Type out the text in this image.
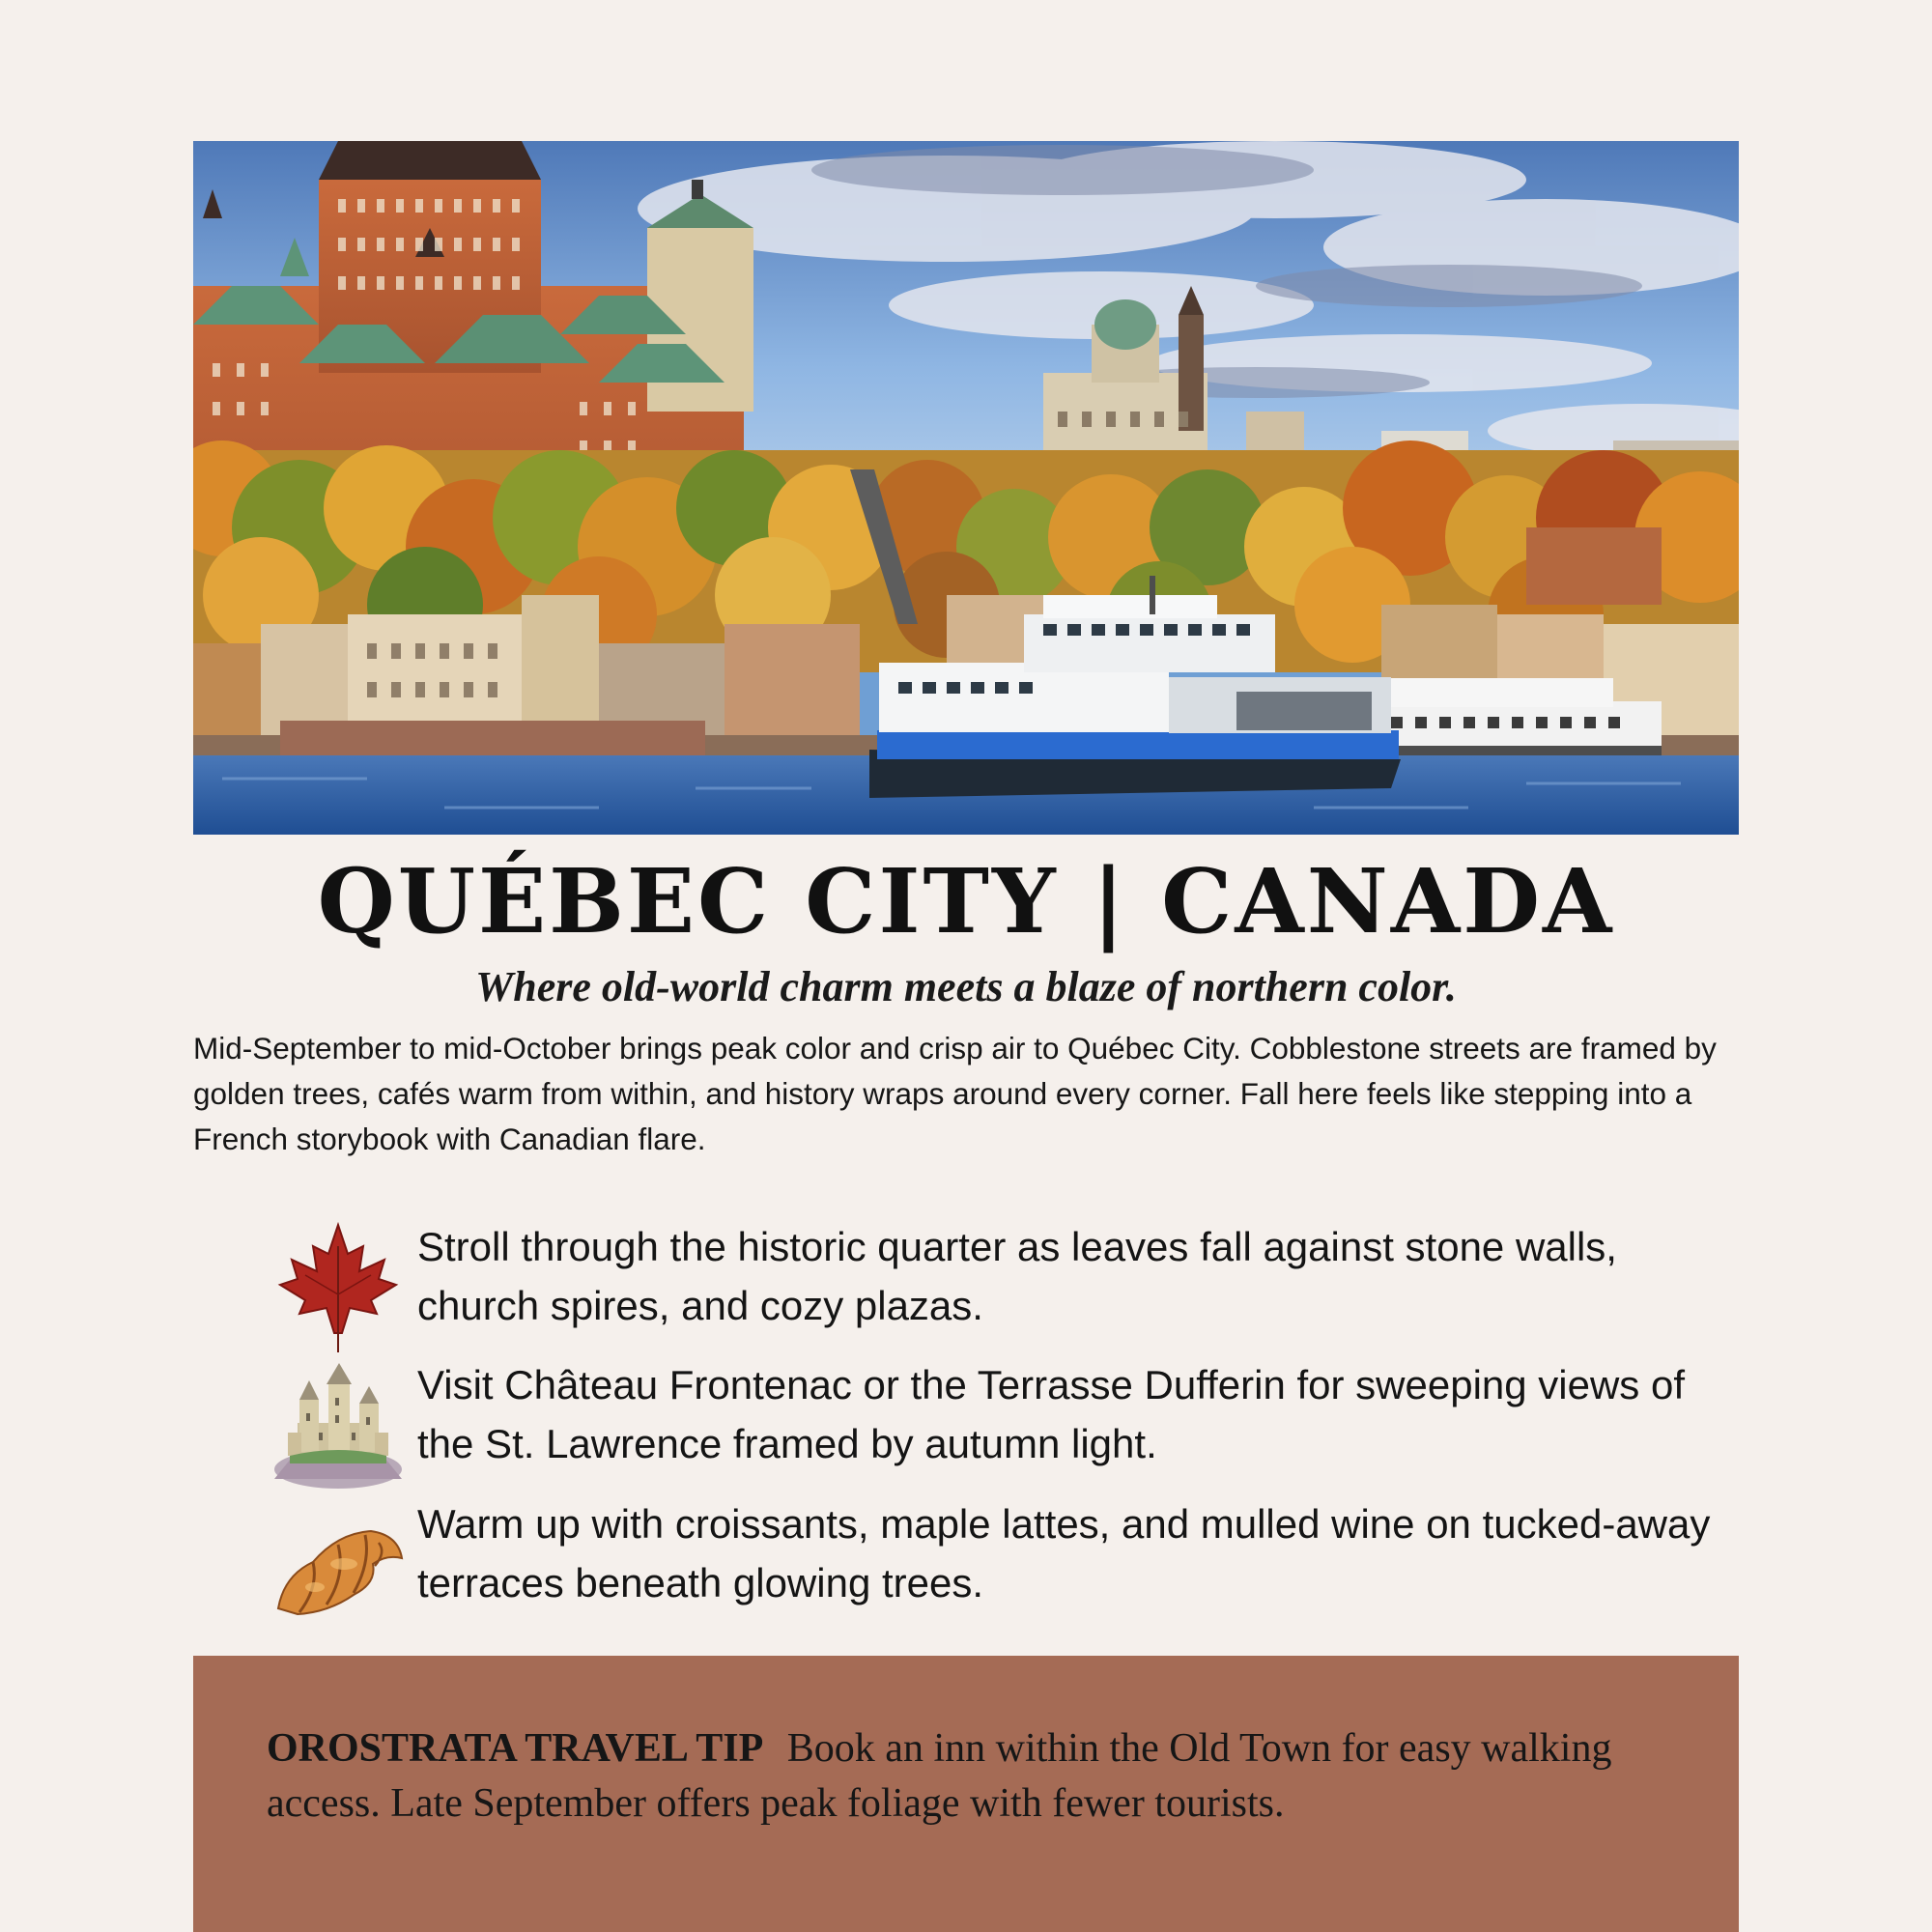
QUÉBEC CITY | CANADA

Where old-world charm meets a blaze of northern color.

Mid-September to mid-October brings peak color and crisp air to Québec City. Cobblestone streets are framed by golden trees, cafés warm from within, and history wraps around every corner. Fall here feels like stepping into a French storybook with Canadian flare.

Stroll through the historic quarter as leaves fall against stone walls, church spires, and cozy plazas.
Visit Château Frontenac or the Terrasse Dufferin for sweeping views of the St. Lawrence framed by autumn light.
Warm up with croissants, maple lattes, and mulled wine on tucked-away terraces beneath glowing trees.
OROSTRATA TRAVEL TIP Book an inn within the Old Town for easy walking access. Late September offers peak foliage with fewer tourists.
